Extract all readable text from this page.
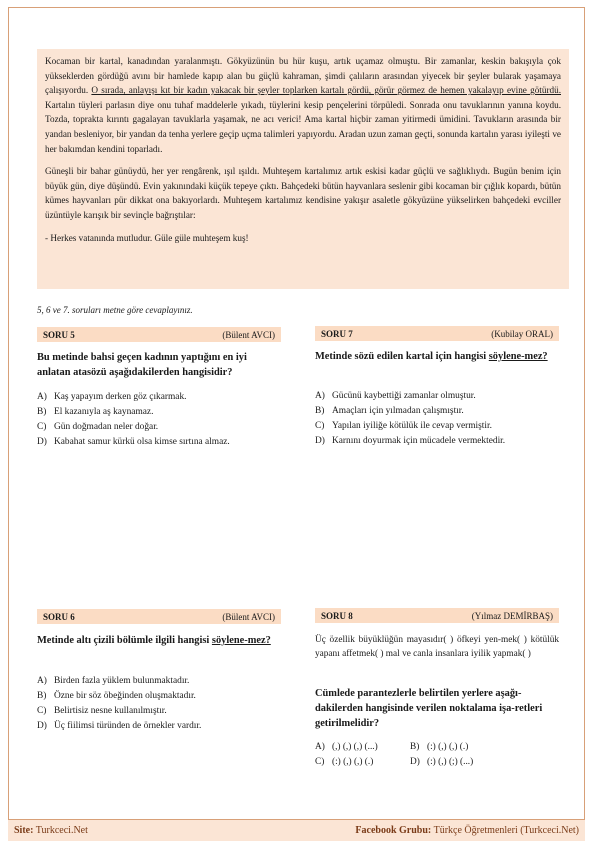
Kocaman bir kartal, kanadından yaralanmıştı. Gökyüzünün bu hür kuşu, artık uçamaz olmuştu. Bir zamanlar, keskin bakışıyla çok yükseklerden gördüğü avını bir hamlede kapıp alan bu güçlü kahraman, şimdi çalıların arasından yiyecek bir şeyler bularak yaşamaya çalışıyordu. O sırada, anlayışı kıt bir kadın yakacak bir şeyler toplarken kartalı gördü, görür görmez de hemen yakalayıp evine götürdü. Kartalın tüyleri parlasın diye onu tuhaf maddelerle yıkadı, tüylerini kesip pençelerini törpüledi. Sonrada onu tavuklarının yanına koydu. Tozda, toprakta kırıntı gagalayan tavuklarla yaşamak, ne acı verici! Ama kartal hiçbir zaman yitirmedi ümidini. Tavukların arasında bir yandan besleniyor, bir yandan da tenha yerlere geçip uçma talimleri yapıyordu. Aradan uzun zaman geçti, sonunda kartalın yarası iyileşti ve her bakımdan kendini toparladı.

Güneşli bir bahar günüydü, her yer rengârenk, ışıl ışıldı. Muhteşem kartalımız artık eskisi kadar güçlü ve sağlıklıydı. Bugün benim için büyük gün, diye düşündü. Evin yakınındaki küçük tepeye çıktı. Bahçedeki bütün hayvanlara seslenir gibi kocaman bir çığlık kopardı, bütün kümes hayvanları pür dikkat ona bakıyorlardı. Muhteşem kartalımız kendisine yakışır asaletle gökyüzüne yükselirken bahçedeki evciller üzüntüyle karışık bir sevinçle bağrıştılar:

- Herkes vatanında mutludur. Güle güle muhteşem kuş!

5, 6 ve 7. soruları metne göre cevaplayınız.
SORU 5	(Bülent AVCI)
Bu metinde bahsi geçen kadının yaptığını en iyi anlatan atasözü aşağıdakilerden hangisidir?
A) Kaş yapayım derken göz çıkarmak.
B) El kazanıyla aş kaynamaz.
C) Gün doğmadan neler doğar.
D) Kabahat samur kürkü olsa kimse sırtına almaz.
SORU 7	(Kubilay ORAL)
Metinde sözü edilen kartal için hangisi söylene-mez?
A) Gücünü kaybettiği zamanlar olmuştur.
B) Amaçları için yılmadan çalışmıştır.
C) Yapılan iyiliğe kötülük ile cevap vermiştir.
D) Karnını doyurmak için mücadele vermektedir.
SORU 6	(Bülent AVCI)
Metinde altı çizili bölümle ilgili hangisi söylene-mez?
A) Birden fazla yüklem bulunmaktadır.
B) Özne bir söz öbeğinden oluşmaktadır.
C) Belirtisiz nesne kullanılmıştır.
D) Üç fiilimsi türünden de örnekler vardır.
SORU 8	(Yılmaz DEMİRBAŞ)
Üç özellik büyüklüğün mayasıdır( ) öfkeyi yen-mek( ) kötülük yapanı affetmek( ) mal ve canla insanlara iyilik yapmak( )
Cümlede parantezlerle belirtilen yerlere aşağı-dakilerden hangisinde verilen noktalama işa-retleri getirilmelidir?
A) (,) (,) (,) (...)	B) (:) (,) (,) (.)
C) (:) (,) (,) (.)	D) (:) (,) (;) (...)
Site: Turkceci.Net	Facebook Grubu: Türkçe Öğretmenleri (Turkceci.Net)
